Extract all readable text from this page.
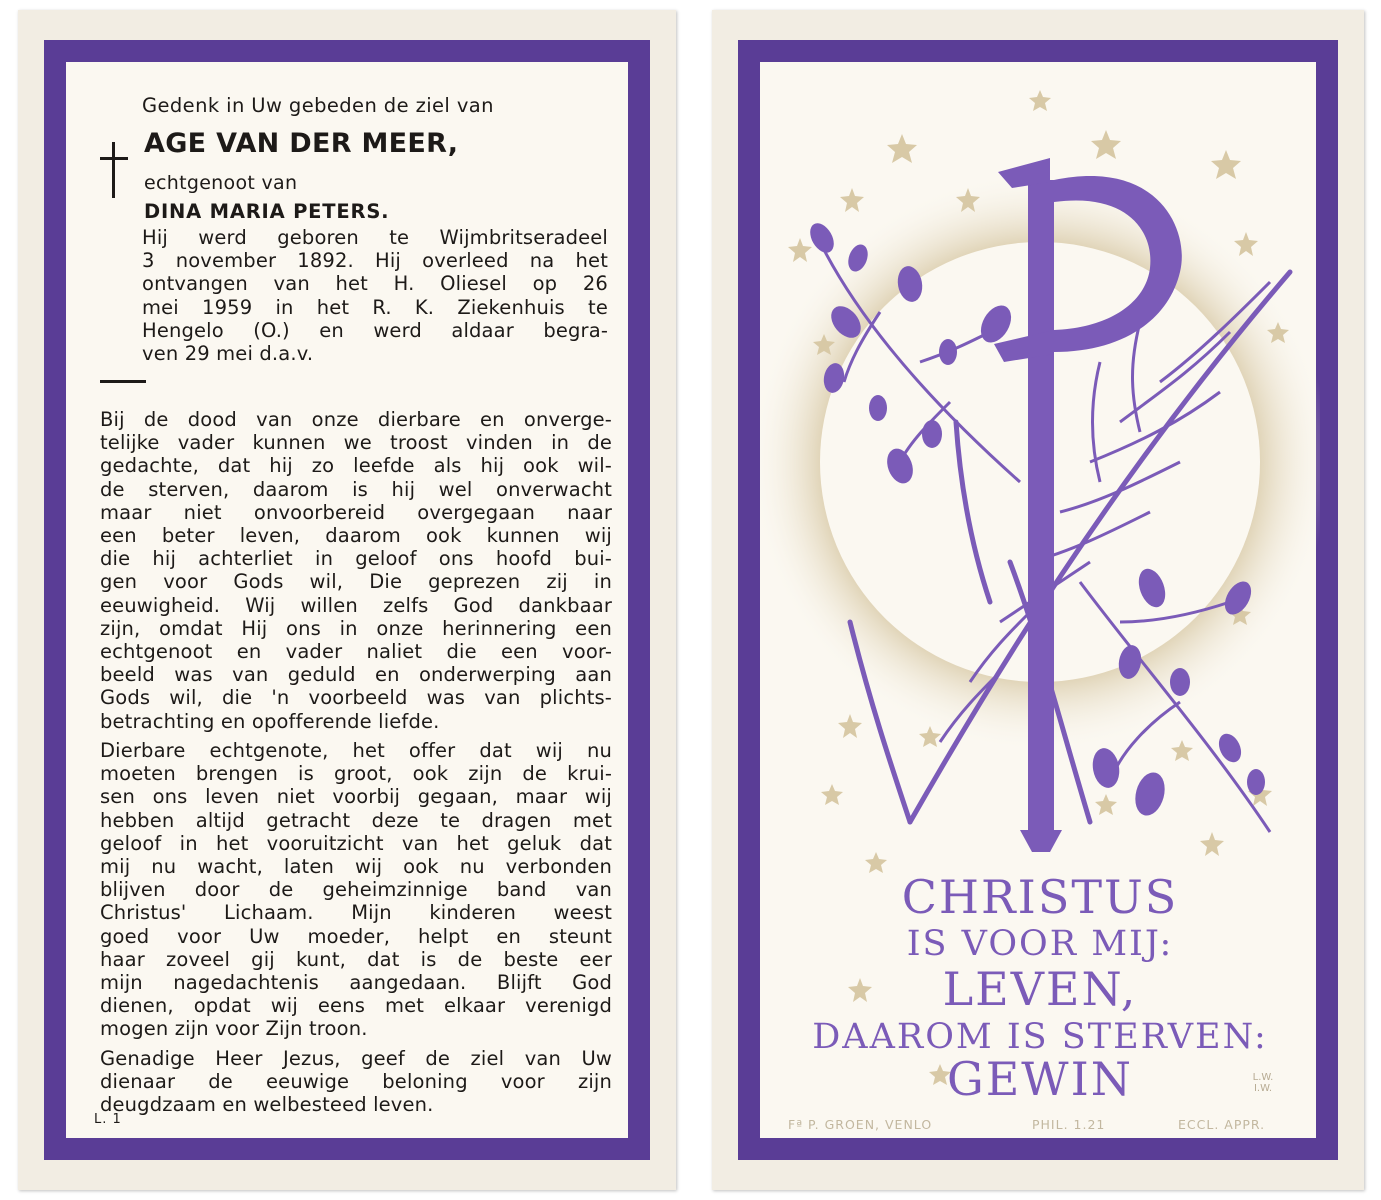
Gedenk in Uw gebeden de ziel van
AGE VAN DER MEER,
echtgenoot van
DINA MARIA PETERS.

Hij werd geboren te Wijmbritseradeel
3 november 1892. Hij overleed na het
ontvangen van het H. Oliesel op 26
mei 1959 in het R. K. Ziekenhuis te
Hengelo (O.) en werd aldaar begra-
ven 29 mei d.a.v.

Bij de dood van onze dierbare en onverge-
telijke vader kunnen we troost vinden in de
gedachte, dat hij zo leefde als hij ook wil-
de sterven, daarom is hij wel onverwacht
maar niet onvoorbereid overgegaan naar
een beter leven, daarom ook kunnen wij
die hij achterliet in geloof ons hoofd bui-
gen voor Gods wil, Die geprezen zij in
eeuwigheid. Wij willen zelfs God dankbaar
zijn, omdat Hij ons in onze herinnering een
echtgenoot en vader naliet die een voor-
beeld was van geduld en onderwerping aan
Gods wil, die 'n voorbeeld was van plichts-
betrachting en opofferende liefde.

Dierbare echtgenote, het offer dat wij nu
moeten brengen is groot, ook zijn de krui-
sen ons leven niet voorbij gegaan, maar wij
hebben altijd getracht deze te dragen met
geloof in het vooruitzicht van het geluk dat
mij nu wacht, laten wij ook nu verbonden
blijven door de geheimzinnige band van
Christus' Lichaam. Mijn kinderen weest
goed voor Uw moeder, helpt en steunt
haar zoveel gij kunt, dat is de beste eer
mijn nagedachtenis aangedaan. Blijft God
dienen, opdat wij eens met elkaar verenigd
mogen zijn voor Zijn troon.

Genadige Heer Jezus, geef de ziel van Uw
dienaar de eeuwige beloning voor zijn
deugdzaam en welbesteed leven.

L. 1
CHRISTUS
IS VOOR MIJ:
LEVEN,
DAAROM IS STERVEN:
GEWIN	L.W.
I.W.
Fª P. GROEN, VENLO	PHIL. 1.21	ECCL. APPR.
